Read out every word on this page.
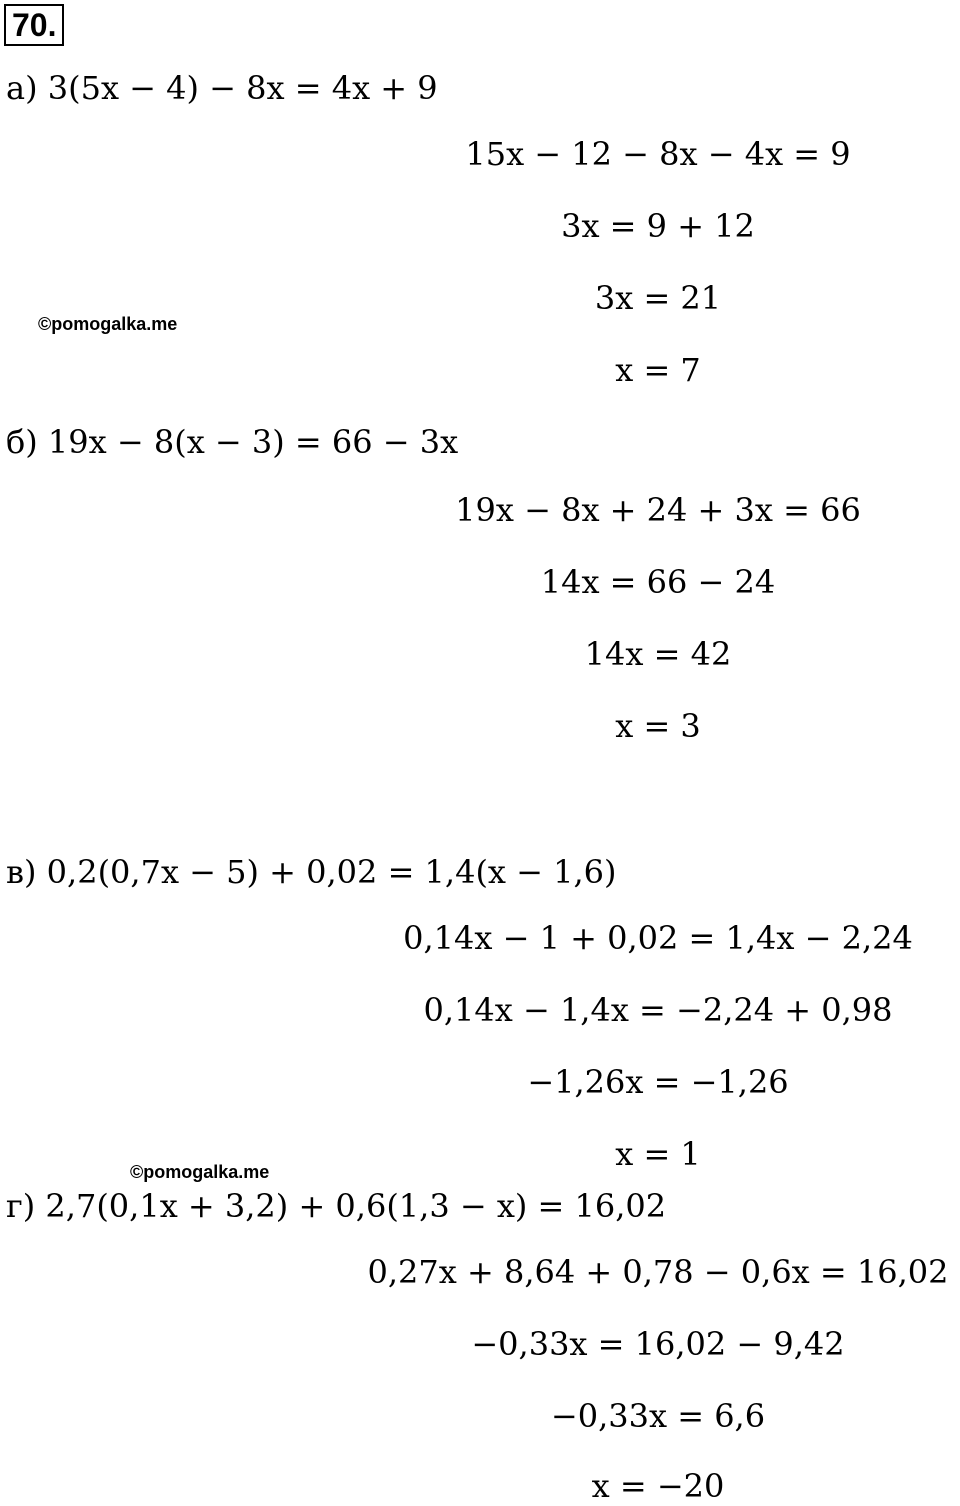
70.
а) 3(5x − 4) − 8x = 4x + 9
15x − 12 − 8x − 4x = 9
3x = 9 + 12
3x = 21
x = 7
©pomogalka.me
б) 19x − 8(x − 3) = 66 − 3x
19x − 8x + 24 + 3x = 66
14x = 66 − 24
14x = 42
x = 3
в) 0,2(0,7x − 5) + 0,02 = 1,4(x − 1,6)
0,14x − 1 + 0,02 = 1,4x − 2,24
0,14x − 1,4x = −2,24 + 0,98
−1,26x = −1,26
x = 1
©pomogalka.me
г) 2,7(0,1x + 3,2) + 0,6(1,3 − x) = 16,02
0,27x + 8,64 + 0,78 − 0,6x = 16,02
−0,33x = 16,02 − 9,42
−0,33x = 6,6
x = −20
